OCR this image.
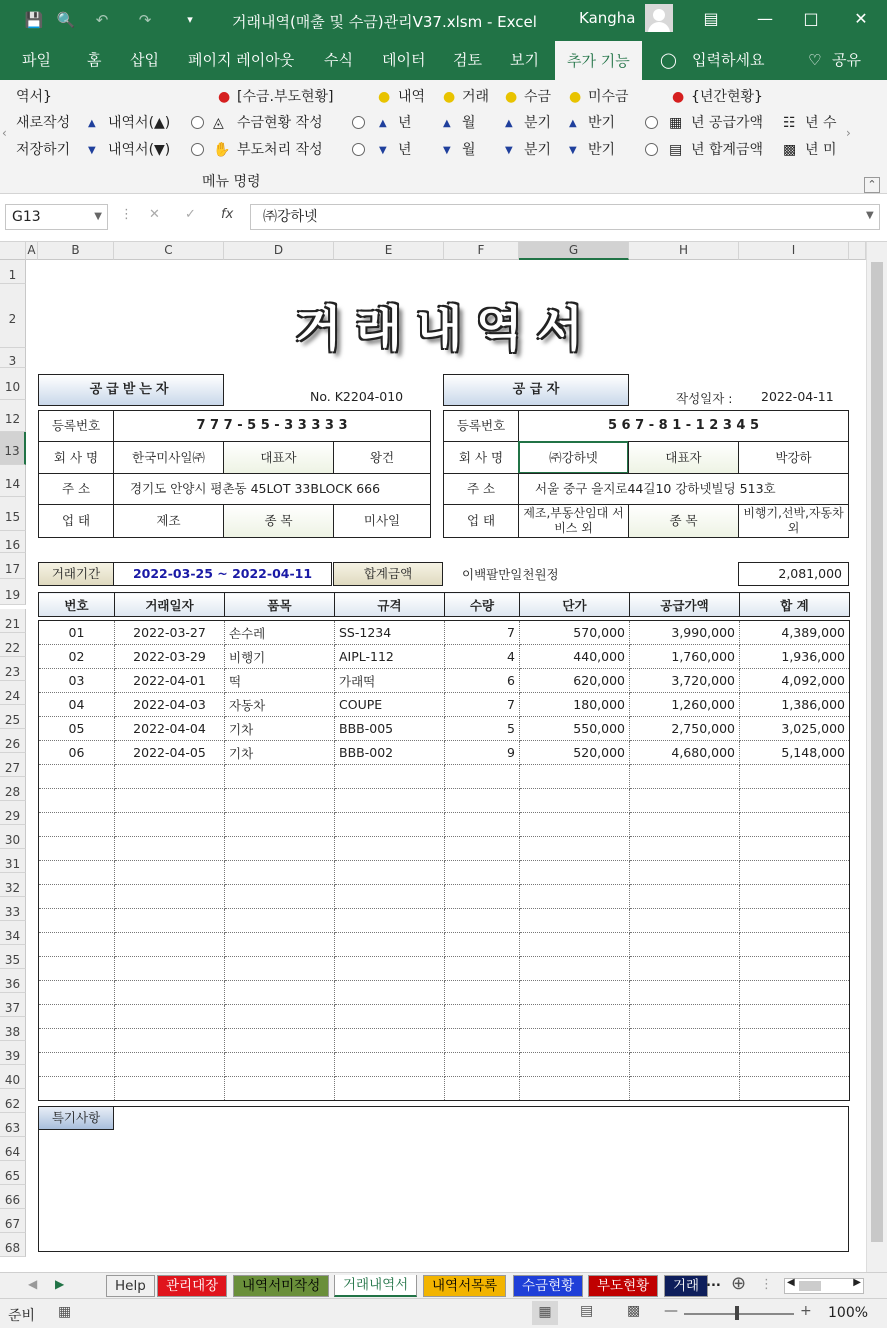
💾 🔍 ↶ ↷	▾	거래내역(매출 및 수금)관리V37.xlsm - Excel	Kangha	▤ — □ ✕
파일 홈 삽입 페이지 레이아웃 수식 데이터 검토 보기	추가 기능	◯ 입력하세요	♡ 공유
역서}
새로작성
저장하기
▲ 내역서(▲)
▼ 내역서(▼)
● [수금.부도현황]
◬ 수금현황 작성
✋ 부도처리 작성
● 내역
▲ 년
▼ 년
● 거래
▲ 월
▼ 월
● 수금
▲ 분기
▼ 분기
● 미수금
▲ 반기
▼ 반기
● {년간현황}
▦ 년 공급가액
▤ 년 합계금액
☷ 년 수
▩ 년 미
메뉴 명령
‹	›
⌃
G13	▼ ⋮ ✕ ✓ fx	㈜강하넷	▼
A	B	C	D	E	F	G	H	I
1
2
3
10
12
13
14
15
16
17
19
21
22
23
24
25
26
27
28
29
30
31
32
33
34
35
36
37
38
39
40
62
63
64
65
66
67
68
거래내역서
공급받는자	No. K2204-010	공 급 자
작성일자 : 2022-04-11
등록번호	7 7 7 - 5 5 - 3 3 3 3 3
회 사 명	한국미사일㈜	대표자	왕건
주 소	경기도 안양시 평촌동 45LOT 33BLOCK 666
업 태	제조	종 목	미사일
등록번호	5 6 7 - 8 1 - 1 2 3 4 5
회 사 명	㈜강하넷	대표자	박강하
주 소	서울 중구 을지로44길10 강하넷빌딩 513호
업 태	제조,부동산임대 서비스 외	종 목	비행기,선박,자동차 외
거래기간	2022-03-25 ~ 2022-04-11	합계금액	이백팔만일천원정	2,081,000
특기사항
번호	거래일자	품목	규격	수량	단가	공급가액	합 계
01	2022-03-27	손수레	SS-1234	7	570,000	3,990,000	4,389,000
02	2022-03-29	비행기	AIPL-112	4	440,000	1,760,000	1,936,000
03	2022-04-01	떡	가래떡	6	620,000	3,720,000	4,092,000
04	2022-04-03	자동차	COUPE	7	180,000	1,260,000	1,386,000
05	2022-04-04	기차	BBB-005	5	550,000	2,750,000	3,025,000
06	2022-04-05	기차	BBB-002	9	520,000	4,680,000	5,148,000

◀ ▶	Help	관리대장	내역서미작성	거래내역서	내역서목록	수금현황	부도현황	거래 ... ⊕ ⋮ ◀	▶
준비 ▦	▦	▤ ▩ —	+ 100%
